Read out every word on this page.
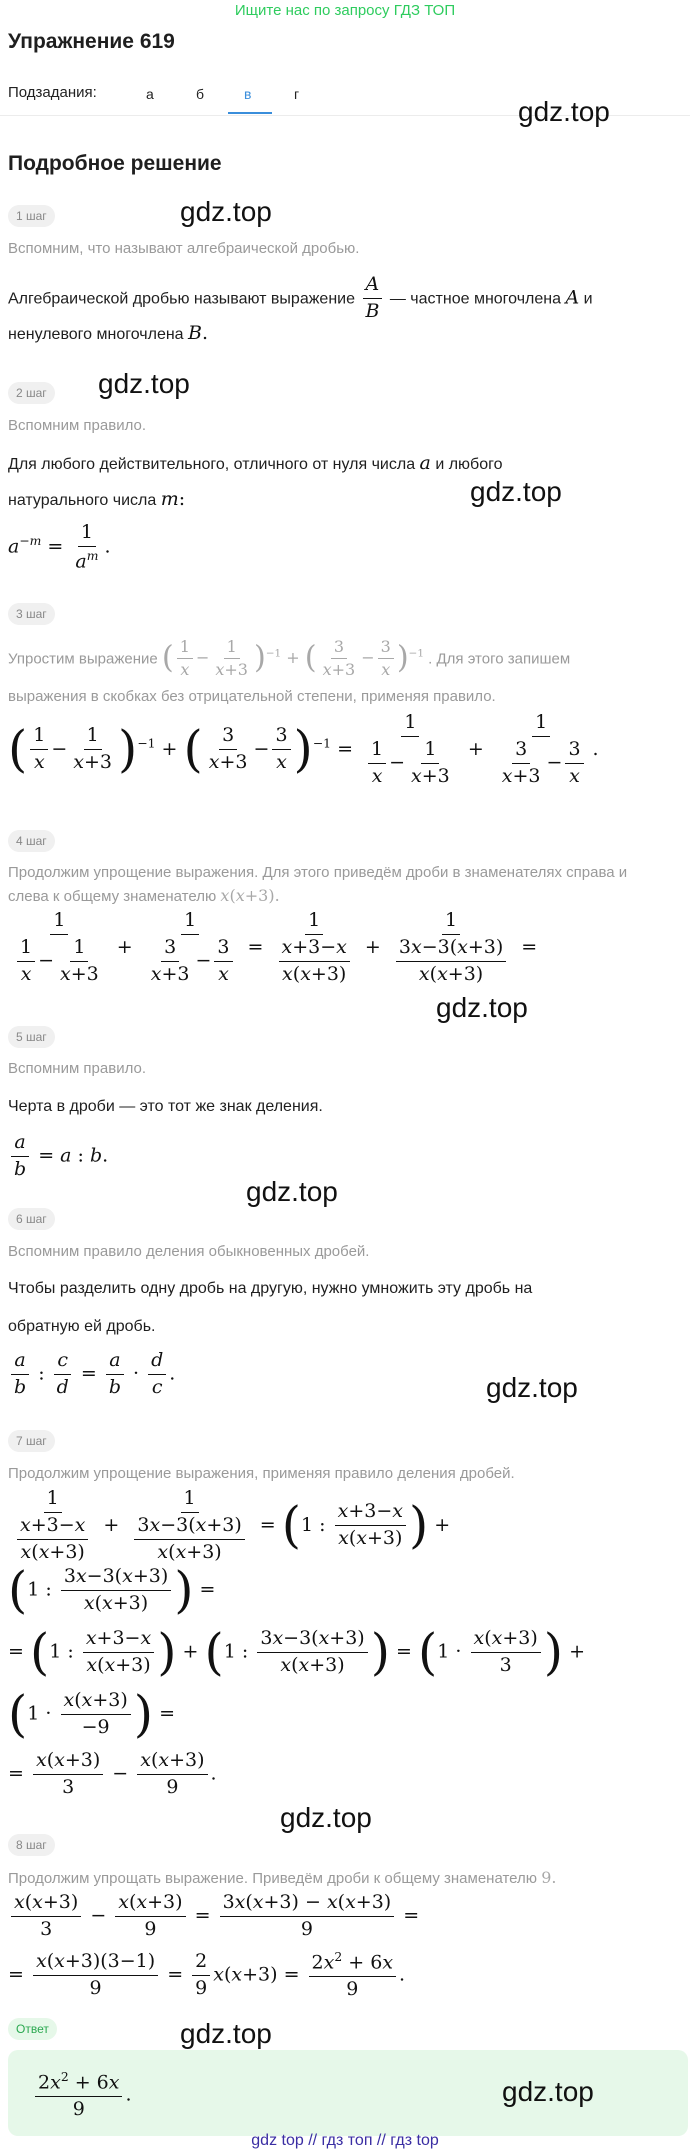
Ищите нас по запросу ГДЗ ТОП
Упражнение 619
Подзадания:	а	б	в	г
gdz.top
Подробное решение
1 шаг	gdz.top
Вспомним, что называют алгебраической дробью.
Алгебраической дробью называют выражение $\frac{A}{B}$ — частное многочлена A и
ненулевого многочлена B.
2 шаг gdz.top
Вспомним правило.
Для любого действительного, отличного от нуля числа a и любого
gdz.top
натурального числа m:
$a^{-m} = \frac{1}{a^m}$ .
3 шаг
Упростим выражение ( $\frac{1}{x} - \frac{1}{x+3} )^{-1}$ + ( $\frac{3}{x+3} - \frac{3}{x} )^{-1}$ . Для этого запишем
выражения в скобках без отрицательной степени, применяя правило.
( $\frac{1}{x} - \frac{1}{x+3} )^{-1}$ + ( $\frac{3}{x+3} - \frac{3}{x} )^{-1} = \frac{1}{\frac{1}{x} - \frac{1}{x+3}} + \frac{1}{\frac{3}{x+3} - \frac{3}{x}}$ .
4 шаг
Продолжим упрощение выражения. Для этого приведём дроби в знаменателях справа и
слева к общему знаменателю x(x+3).
$\frac{1}{\frac{1}{x} - \frac{1}{x+3}} + \frac{1}{\frac{3}{x+3} - \frac{3}{x}} = \frac{1}{\frac{x+3-x}{x(x+3)}} + \frac{1}{\frac{3x-3(x+3)}{x(x+3)}}$ =
gdz.top
5 шаг
Вспомним правило.
Черта в дроби — это тот же знак деления.
$\frac{a}{b} = a$ : b.
gdz.top
6 шаг
Вспомним правило деления обыкновенных дробей.
Чтобы разделить одну дробь на другую, нужно умножить эту дробь на
обратную ей дробь.
$\frac{a}{b}$ : $\frac{c}{d} = \frac{a}{b} \cdot \frac{d}{c}$ .	gdz.top
7 шаг
Продолжим упрощение выражения, применяя правило деления дробей.
$\frac{1}{\frac{x+3-x}{x(x+3)}} + \frac{1}{\frac{3x-3(x+3)}{x(x+3)}} = (1$ : $\frac{x+3-x}{x(x+3)}$ ) +
(1 : $\frac{3x-3(x+3)}{x(x+3)}$ ) =
= (1 : $\frac{x+3-x}{x(x+3)}$ ) + (1 : $\frac{3x-3(x+3)}{x(x+3)}$ ) = ($1 \cdot \frac{x(x+3)}{3}$ ) +
($1 \cdot \frac{x(x+3)}{-9}$ ) =
= $\frac{x(x+3)}{3} - \frac{x(x+3)}{9}$ .
gdz.top
8 шаг
Продолжим упрощать выражение. Приведём дроби к общему знаменателю 9.
$\frac{x(x+3)}{3} - \frac{x(x+3)}{9} = \frac{3x(x+3) - x(x+3)}{9}$ =
= $\frac{x(x+3)(3-1)}{9} = \frac{2}{9} x(x+3) = \frac{2x^2 + 6x}{9}$ .
Ответ	gdz.top
$\frac{2x^2 + 6x}{9}$ .	gdz.top
gdz top // гдз топ // гдз top
